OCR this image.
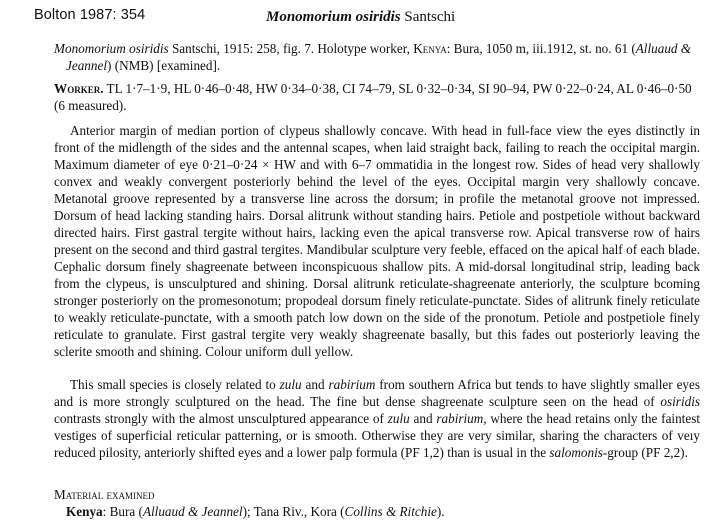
Bolton 1987: 354	Monomorium osiridis Santschi

Monomorium osiridis Santschi, 1915: 258, fig. 7. Holotype worker, Kenya: Bura, 1050 m, iii.1912, st. no. 61 (Alluaud & Jeannel) (NMB) [examined].

Worker. TL 1·7–1·9, HL 0·46–0·48, HW 0·34–0·38, CI 74–79, SL 0·32–0·34, SI 90–94, PW 0·22–0·24, AL 0·46–0·50 (6 measured).

Anterior margin of median portion of clypeus shallowly concave. With head in full-face view the eyes distinctly in front of the midlength of the sides and the antennal scapes, when laid straight back, failing to reach the occipital margin. Maximum diameter of eye 0·21–0·24 × HW and with 6–7 ommatidia in the longest row. Sides of head very shallowly convex and weakly convergent posteriorly behind the level of the eyes. Occipital margin very shallowly concave. Metanotal groove represented by a transverse line across the dorsum; in profile the metanotal groove not impressed. Dorsum of head lacking standing hairs. Dorsal alitrunk without standing hairs. Petiole and postpetiole without backward directed hairs. First gastral tergite without hairs, lacking even the apical transverse row. Apical transverse row of hairs present on the second and third gastral tergites. Mandibular sculpture very feeble, effaced on the apical half of each blade. Cephalic dorsum finely shagreenate between inconspicuous shallow pits. A mid-dorsal longitudinal strip, leading back from the clypeus, is unsculptured and shining. Dorsal alitrunk reticulate-shagreenate anteriorly, the sculpture bcoming stronger posteriorly on the promesonotum; propodeal dorsum finely reticulate-punctate. Sides of alitrunk finely reticulate to weakly reticulate-punctate, with a smooth patch low down on the side of the pronotum. Petiole and postpetiole finely reticulate to granulate. First gastral tergite very weakly shagreenate basally, but this fades out posteriorly leaving the sclerite smooth and shining. Colour uniform dull yellow.

This small species is closely related to zulu and rabirium from southern Africa but tends to have slightly smaller eyes and is more strongly sculptured on the head. The fine but dense shagreenate sculpture seen on the head of osiridis contrasts strongly with the almost unsculptured appearance of zulu and rabirium, where the head retains only the faintest vestiges of superficial reticular patterning, or is smooth. Otherwise they are very similar, sharing the characters of veıy reduced pilosity, anteriorly shifted eyes and a lower palp formula (PF 1,2) than is usual in the salomonis-group (PF 2,2).

Material examined

Kenya: Bura (Alluaud & Jeannel); Tana Riv., Kora (Collins & Ritchie).
